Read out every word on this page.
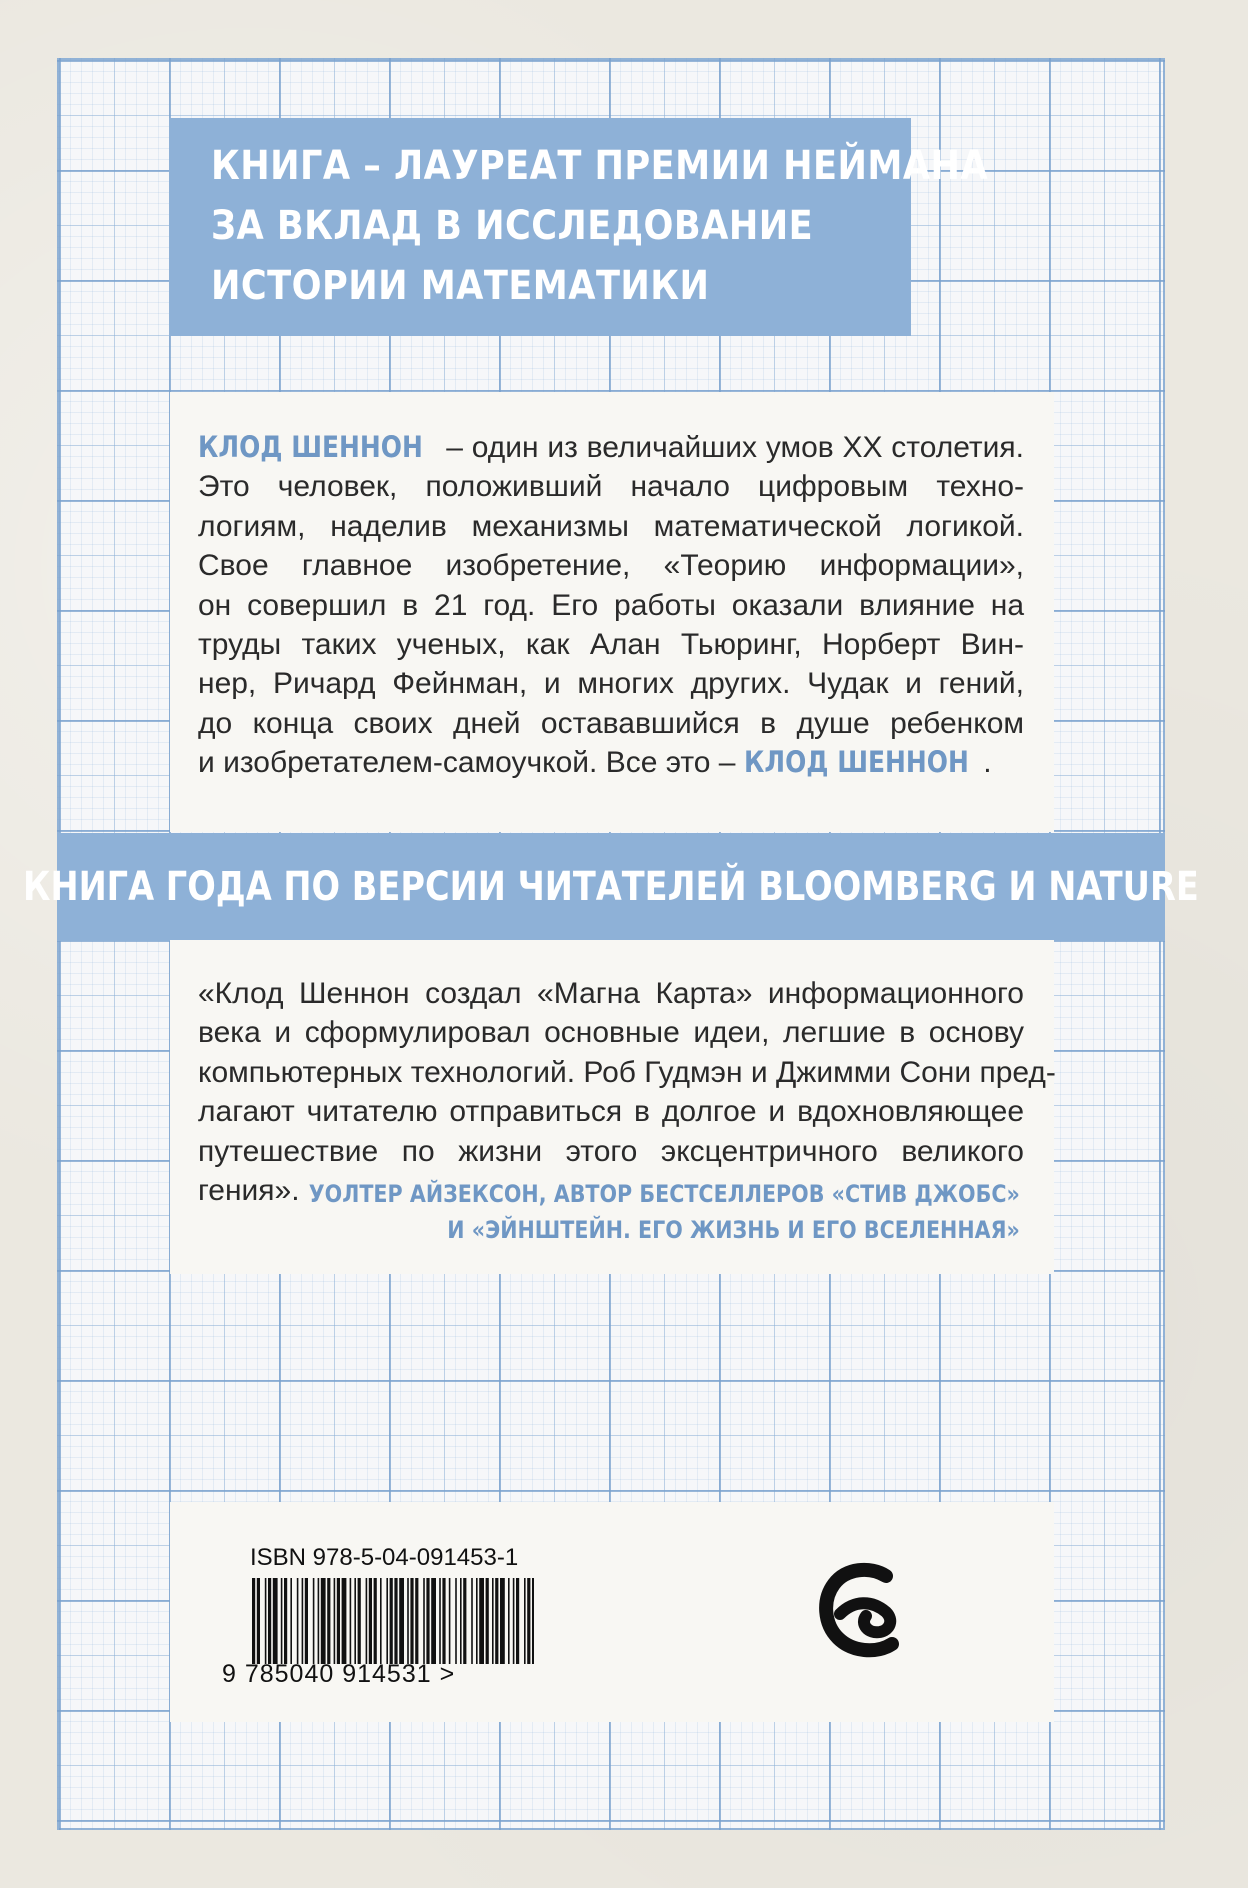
КНИГА – ЛАУРЕАТ ПРЕМИИ НЕЙМАНА
ЗА ВКЛАД В ИССЛЕДОВАНИЕ
ИСТОРИИ МАТЕМАТИКИ

КЛОД ШЕННОН – один из величайших умов XX столетия.
Это человек, положивший начало цифровым техно-
логиям, наделив механизмы математической логикой.
Свое главное изобретение, «Теорию информации»,
он совершил в 21 год. Его работы оказали влияние на
труды таких ученых, как Алан Тьюринг, Норберт Вин-
нер, Ричард Фейнман, и многих других. Чудак и гений,
до конца своих дней остававшийся в душе ребенком
и изобретателем-самоучкой. Все это – КЛОД ШЕННОН .

КНИГА ГОДА ПО ВЕРСИИ ЧИТАТЕЛЕЙ BLOOMBERG И NATURE

«Клод Шеннон создал «Магна Карта» информационного
века и сформулировал основные идеи, легшие в основу
компьютерных технологий. Роб Гудмэн и Джимми Сони пред-
лагают читателю отправиться в долгое и вдохновляющее
путешествие по жизни этого эксцентричного великого
гения». УОЛТЕР АЙЗЕКСОН, АВТОР БЕСТСЕЛЛЕРОВ «СТИВ ДЖОБС»
И «ЭЙНШТЕЙН. ЕГО ЖИЗНЬ И ЕГО ВСЕЛЕННАЯ»
ISBN 978-5-04-091453-1
9 785040 914531 >
